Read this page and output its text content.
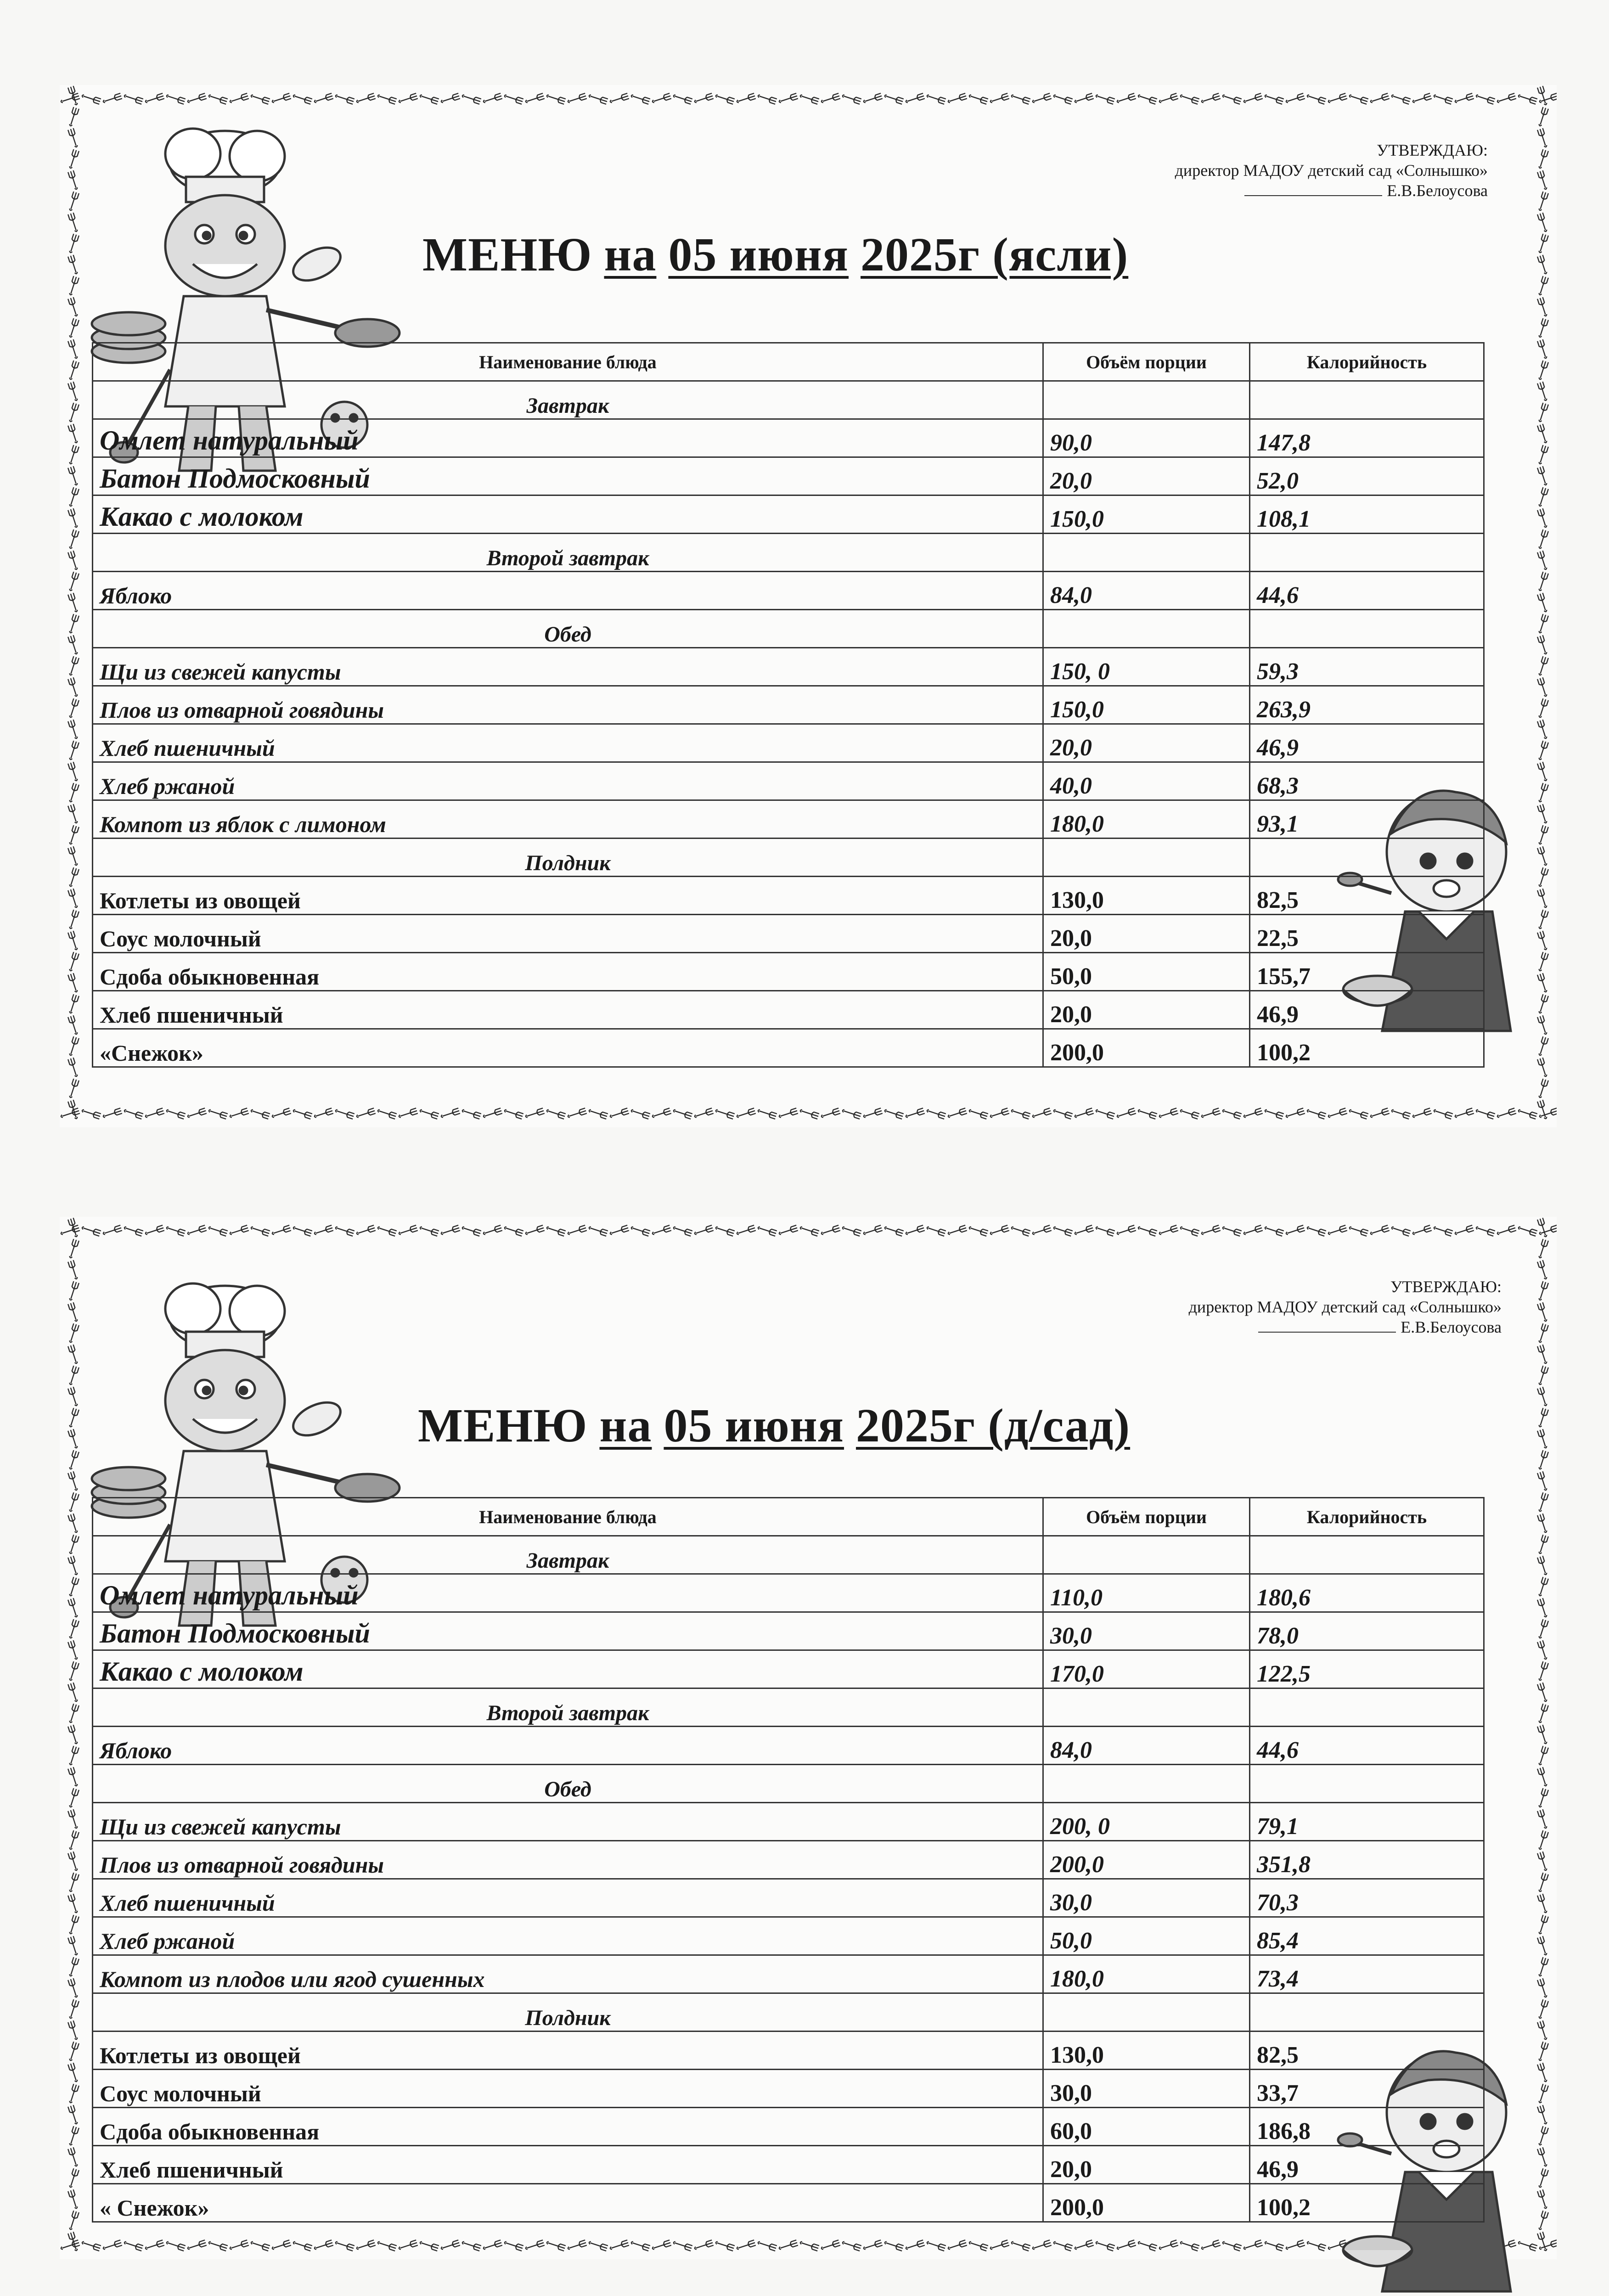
УТВЕРЖДАЮ:
директор МАДОУ детский сад «Солнышко»
Е.В.Белоусова
МЕНЮ на 05 июня 2025г (ясли)
Наименование блюда	Объём порции	Калорийность
Завтрак		
Омлет натуральный	90,0	147,8
Батон Подмосковный	20,0	52,0
Какао с молоком	150,0	108,1
Второй завтрак		
Яблоко	84,0	44,6
Обед		
Щи из свежей капусты	150, 0	59,3
Плов из отварной говядины	150,0	263,9
Хлеб пшеничный	20,0	46,9
Хлеб ржаной	40,0	68,3
Компот из яблок с лимоном	180,0	93,1
Полдник		
Котлеты из овощей	130,0	82,5
Соус молочный	20,0	22,5
Сдоба обыкновенная	50,0	155,7
Хлеб пшеничный	20,0	46,9
«Снежок»	200,0	100,2
УТВЕРЖДАЮ:
директор МАДОУ детский сад «Солнышко»
Е.В.Белоусова
МЕНЮ на 05 июня 2025г (д/сад)
Наименование блюда	Объём порции	Калорийность
Завтрак		
Омлет натуральный	110,0	180,6
Батон Подмосковный	30,0	78,0
Какао с молоком	170,0	122,5
Второй завтрак		
Яблоко	84,0	44,6
Обед		
Щи из свежей капусты	200, 0	79,1
Плов из отварной говядины	200,0	351,8
Хлеб пшеничный	30,0	70,3
Хлеб ржаной	50,0	85,4
Компот из плодов или ягод сушенных	180,0	73,4
Полдник		
Котлеты из овощей	130,0	82,5
Соус молочный	30,0	33,7
Сдоба обыкновенная	60,0	186,8
Хлеб пшеничный	20,0	46,9
« Снежок»	200,0	100,2
